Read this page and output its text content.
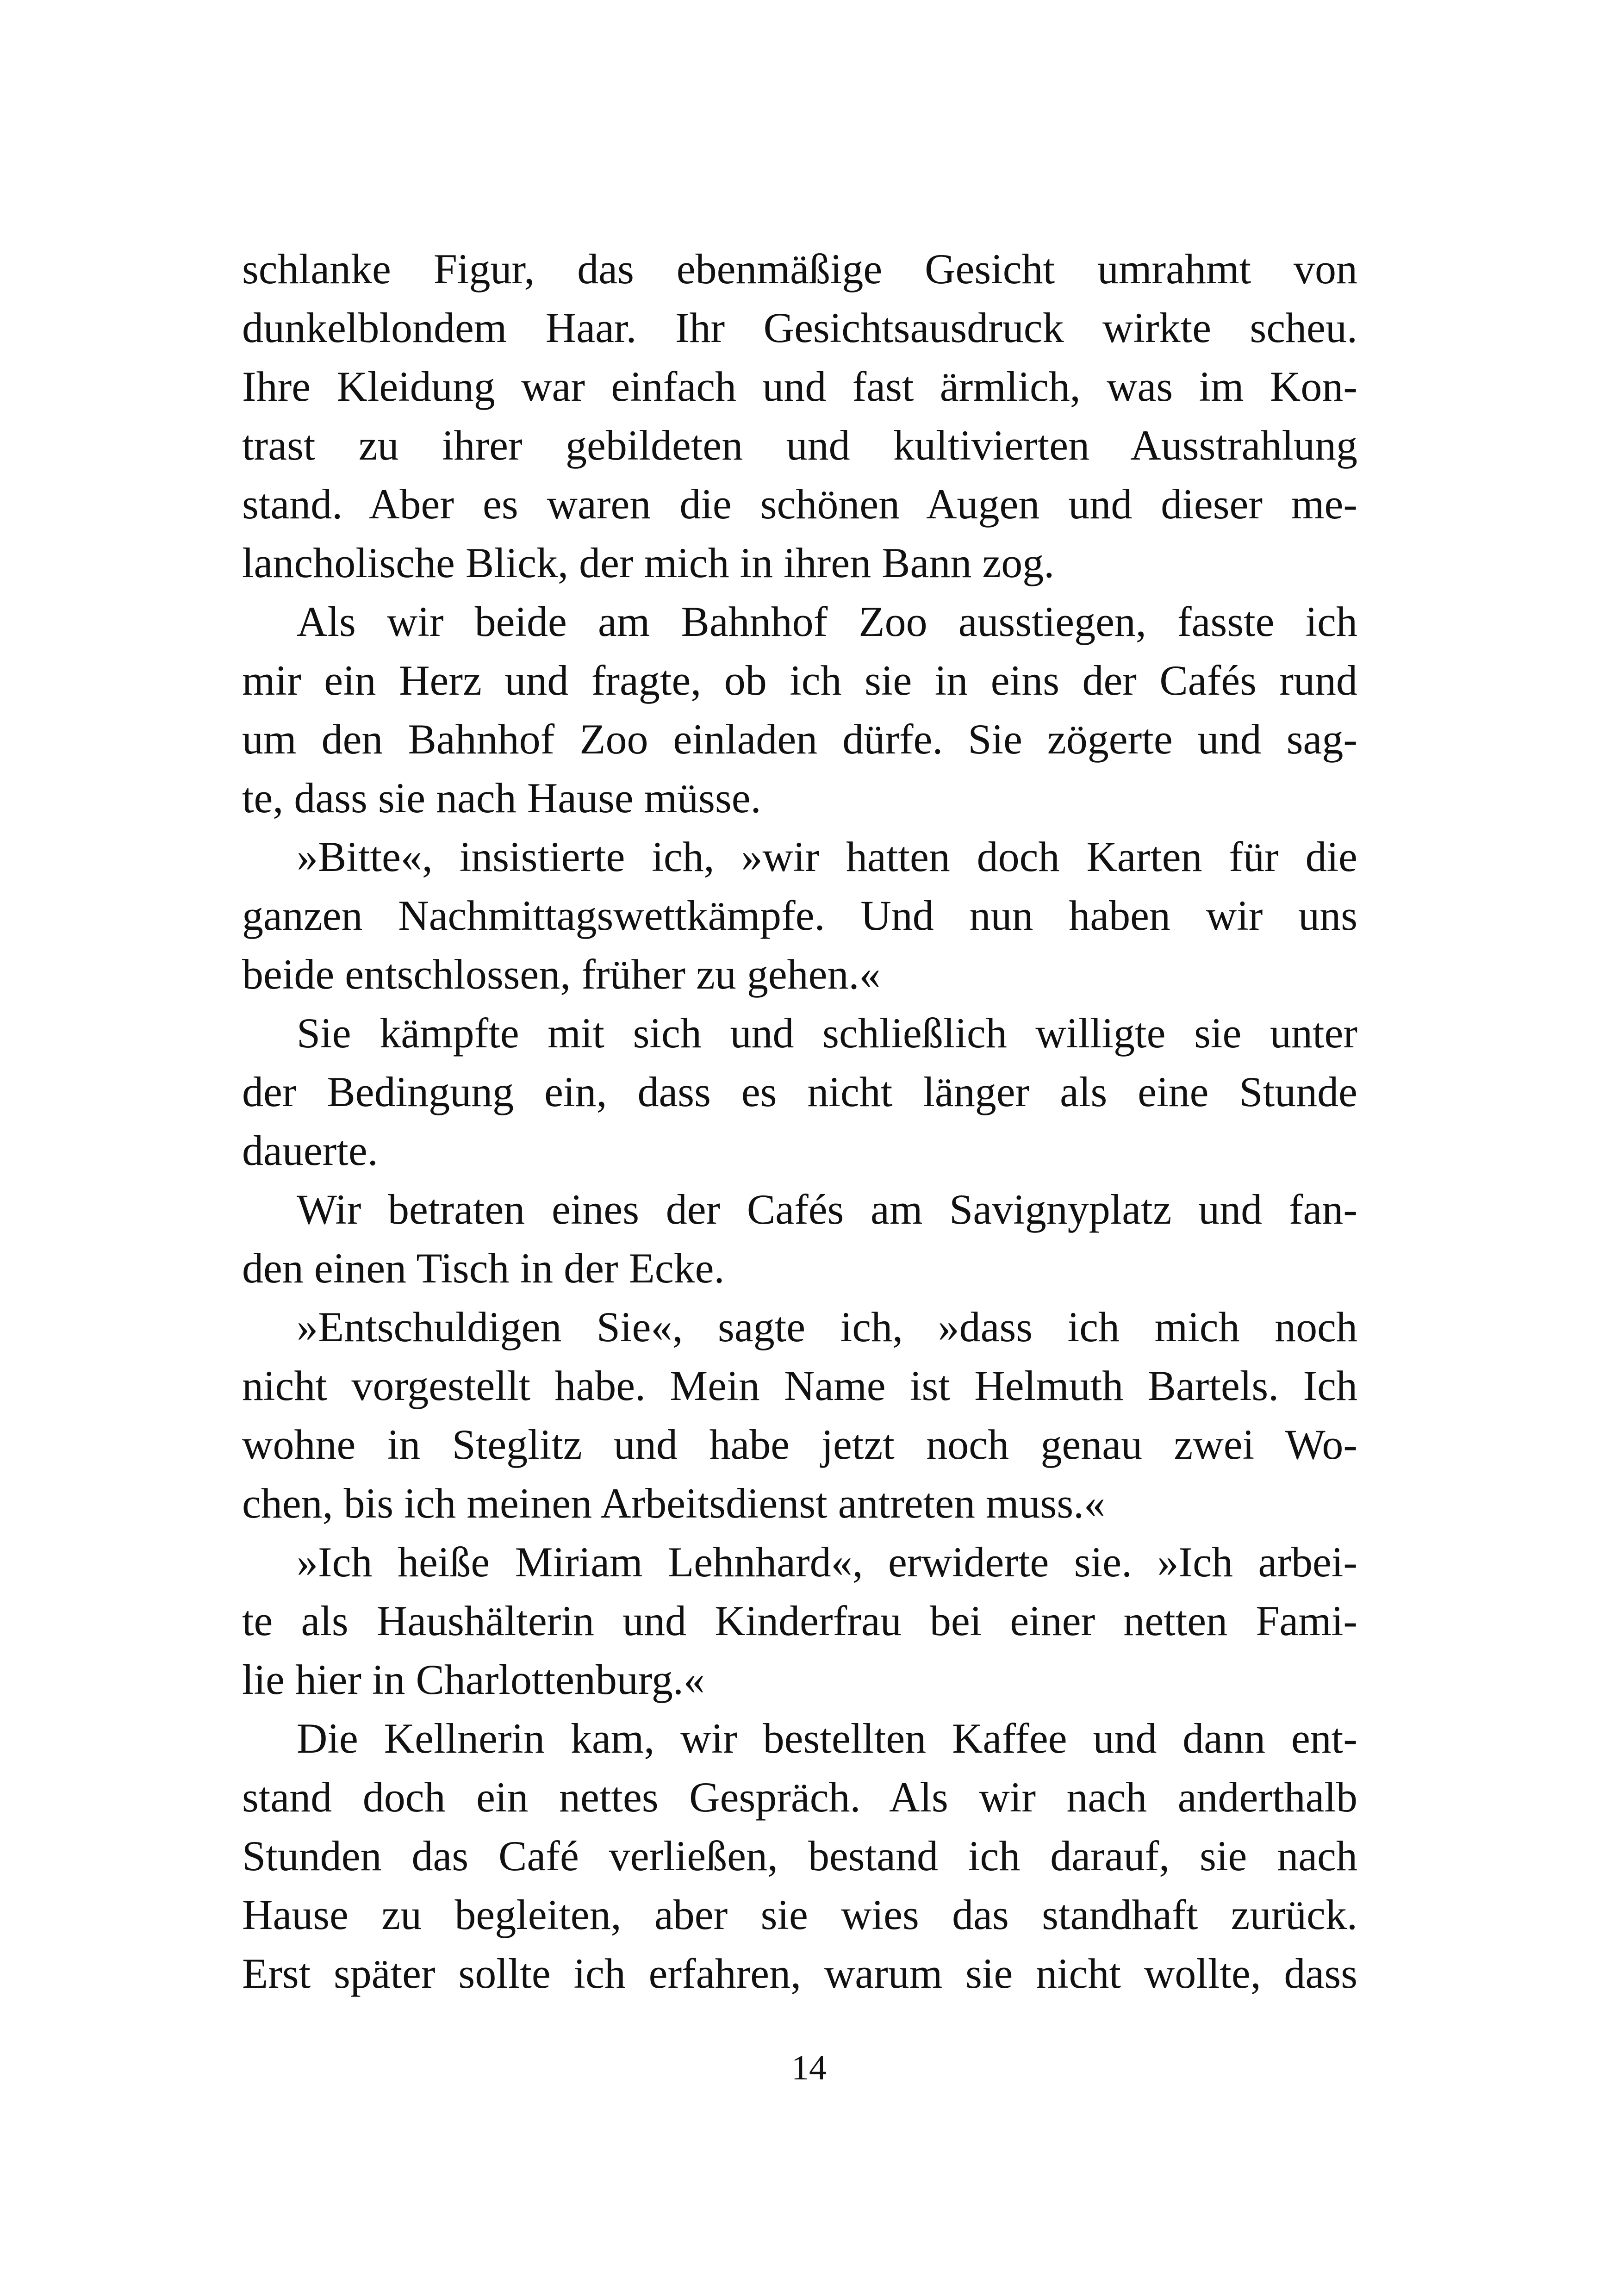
schlanke Figur, das ebenmäßige Gesicht umrahmt von
dunkelblondem Haar. Ihr Gesichtsausdruck wirkte scheu.
Ihre Kleidung war einfach und fast ärmlich, was im Kon-
trast zu ihrer gebildeten und kultivierten Ausstrahlung
stand. Aber es waren die schönen Augen und dieser me-
lancholische Blick, der mich in ihren Bann zog.
Als wir beide am Bahnhof Zoo ausstiegen, fasste ich
mir ein Herz und fragte, ob ich sie in eins der Cafés rund
um den Bahnhof Zoo einladen dürfe. Sie zögerte und sag-
te, dass sie nach Hause müsse.
»Bitte«, insistierte ich, »wir hatten doch Karten für die
ganzen Nachmittagswettkämpfe. Und nun haben wir uns
beide entschlossen, früher zu gehen.«
Sie kämpfte mit sich und schließlich willigte sie unter
der Bedingung ein, dass es nicht länger als eine Stunde
dauerte.
Wir betraten eines der Cafés am Savignyplatz und fan-
den einen Tisch in der Ecke.
»Entschuldigen Sie«, sagte ich, »dass ich mich noch
nicht vorgestellt habe. Mein Name ist Helmuth Bartels. Ich
wohne in Steglitz und habe jetzt noch genau zwei Wo-
chen, bis ich meinen Arbeitsdienst antreten muss.«
»Ich heiße Miriam Lehnhard«, erwiderte sie. »Ich arbei-
te als Haushälterin und Kinderfrau bei einer netten Fami-
lie hier in Charlottenburg.«
Die Kellnerin kam, wir bestellten Kaffee und dann ent-
stand doch ein nettes Gespräch. Als wir nach anderthalb
Stunden das Café verließen, bestand ich darauf, sie nach
Hause zu begleiten, aber sie wies das standhaft zurück.
Erst später sollte ich erfahren, warum sie nicht wollte, dass
14
